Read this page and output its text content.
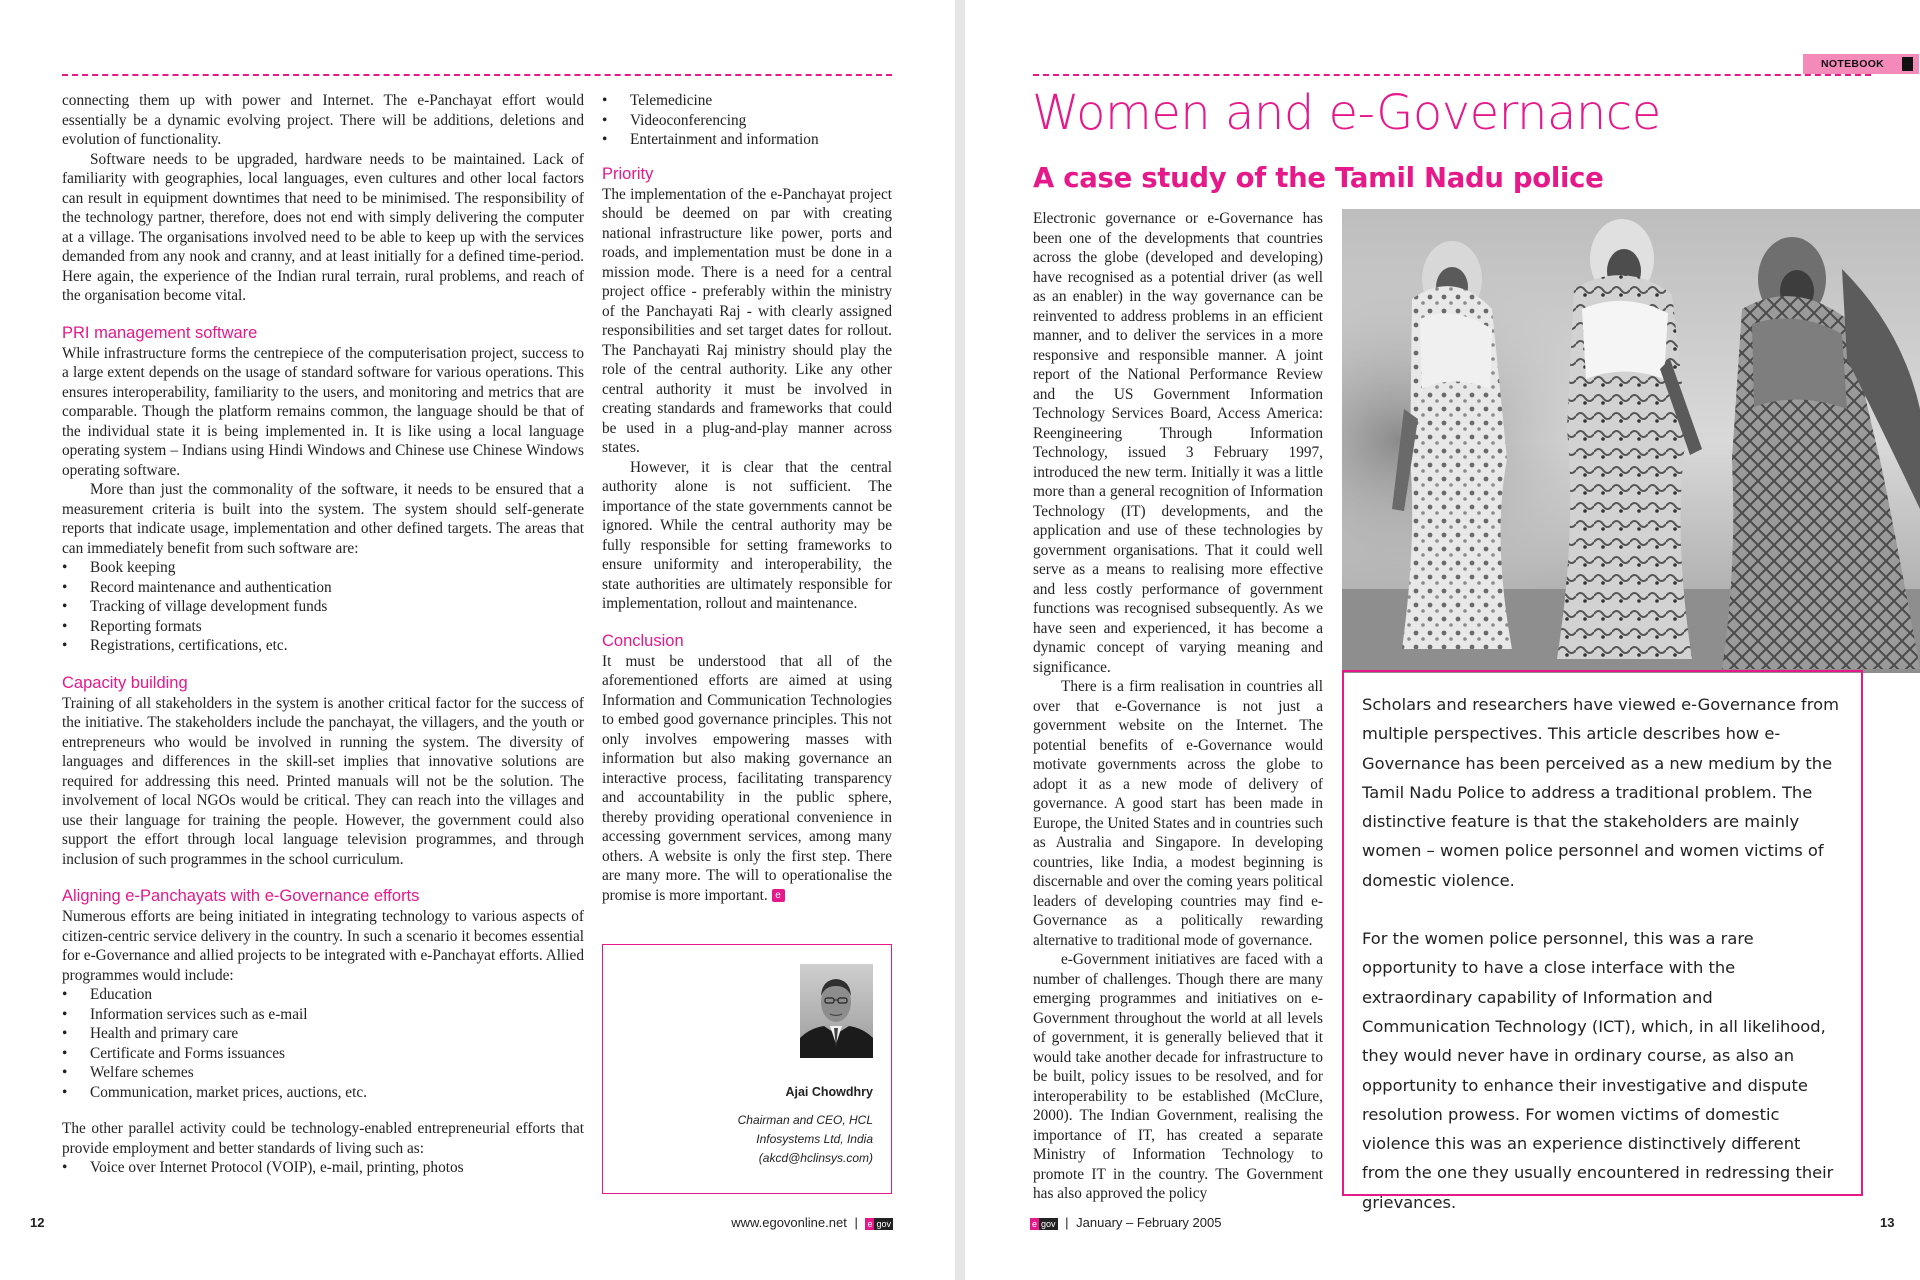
connecting them up with power and Internet. The e-Panchayat effort would essentially be a dynamic evolving project. There will be additions, deletions and evolution of functionality.

Software needs to be upgraded, hardware needs to be maintained. Lack of familiarity with geographies, local languages, even cultures and other local factors can result in equipment downtimes that need to be minimised. The responsibility of the technology partner, therefore, does not end with simply delivering the computer at a village. The organisations involved need to be able to keep up with the services demanded from any nook and cranny, and at least initially for a defined time-period. Here again, the experience of the Indian rural terrain, rural problems, and reach of the organisation become vital.

PRI management software

While infrastructure forms the centrepiece of the computerisation project, success to a large extent depends on the usage of standard software for various operations. This ensures interoperability, familiarity to the users, and monitoring and metrics that are comparable. Though the platform remains common, the language should be that of the individual state it is being implemented in. It is like using a local language operating system – Indians using Hindi Windows and Chinese use Chinese Windows operating software.

More than just the commonality of the software, it needs to be ensured that a measurement criteria is built into the system. The system should self-generate reports that indicate usage, implementation and other defined targets. The areas that can immediately benefit from such software are:

• Book keeping
• Record maintenance and authentication
• Tracking of village development funds
• Reporting formats
• Registrations, certifications, etc.
Capacity building

Training of all stakeholders in the system is another critical factor for the success of the initiative. The stakeholders include the panchayat, the villagers, and the youth or entrepreneurs who would be involved in running the system. The diversity of languages and differences in the skill-set implies that innovative solutions are required for addressing this need. Printed manuals will not be the solution. The involvement of local NGOs would be critical. They can reach into the villages and use their language for training the people. However, the government could also support the effort through local language television programmes, and through inclusion of such programmes in the school curriculum.

Aligning e-Panchayats with e-Governance efforts

Numerous efforts are being initiated in integrating technology to various aspects of citizen-centric service delivery in the country. In such a scenario it becomes essential for e-Governance and allied projects to be integrated with e-Panchayat efforts. Allied programmes would include:

• Education
• Information services such as e-mail
• Health and primary care
• Certificate and Forms issuances
• Welfare schemes
• Communication, market prices, auctions, etc.

The other parallel activity could be technology-enabled entrepreneurial efforts that provide employment and better standards of living such as:

• Voice over Internet Protocol (VOIP), e-mail, printing, photos
• Telemedicine
• Videoconferencing
• Entertainment and information
Priority

The implementation of the e-Panchayat project should be deemed on par with creating national infrastructure like power, ports and roads, and implementation must be done in a mission mode. There is a need for a central project office - preferably within the ministry of the Panchayati Raj - with clearly assigned responsibilities and set target dates for rollout. The Panchayati Raj ministry should play the role of the central authority. Like any other central authority it must be involved in creating standards and frameworks that could be used in a plug-and-play manner across states.

However, it is clear that the central authority alone is not sufficient. The importance of the state governments cannot be ignored. While the central authority may be fully responsible for setting frameworks to ensure uniformity and interoperability, the state authorities are ultimately responsible for implementation, rollout and maintenance.

Conclusion

It must be understood that all of the aforementioned efforts are aimed at using Information and Communication Technologies to embed good governance principles. This not only involves empowering masses with information but also making governance an interactive process, facilitating transparency and accountability in the public sphere, thereby providing operational convenience in accessing government services, among many others. A website is only the first step. There are many more. The will to operationalise the promise is more important. e

Ajai Chowdhry
Chairman and CEO, HCL
Infosystems Ltd, India
(akcd@hclinsys.com)
12	www.egovonline.net | e gov
NOTEBOOK
Women and e-Governance
A case study of the Tamil Nadu police

Electronic governance or e-Governance has been one of the developments that countries across the globe (developed and developing) have recognised as a potential driver (as well as an enabler) in the way governance can be reinvented to address problems in an efficient manner, and to deliver the services in a more responsive and responsible manner. A joint report of the National Performance Review and the US Government Information Technology Services Board, Access America: Reengineering Through Information Technology, issued 3 February 1997, introduced the new term. Initially it was a little more than a general recognition of Information Technology (IT) developments, and the application and use of these technologies by government organisations. That it could well serve as a means to realising more effective and less costly performance of government functions was recognised subsequently. As we have seen and experienced, it has become a dynamic concept of varying meaning and significance.

There is a firm realisation in countries all over that e-Governance is not just a government website on the Internet. The potential benefits of e-Governance would motivate governments across the globe to adopt it as a new mode of delivery of governance. A good start has been made in Europe, the United States and in countries such as Australia and Singapore. In developing countries, like India, a modest beginning is discernable and over the coming years political leaders of developing countries may find e-Governance as a politically rewarding alternative to traditional mode of governance.

e-Government initiatives are faced with a number of challenges. Though there are many emerging programmes and initiatives on e-Government throughout the world at all levels of government, it is generally believed that it would take another decade for infrastructure to be built, policy issues to be resolved, and for interoperability to be established (McClure, 2000). The Indian Government, realising the importance of IT, has created a separate Ministry of Information Technology to promote IT in the country. The Government has also approved the policy

Scholars and researchers have viewed e-Governance from multiple perspectives. This article describes how e-Governance has been perceived as a new medium by the Tamil Nadu Police to address a traditional problem. The distinctive feature is that the stakeholders are mainly women – women police personnel and women victims of domestic violence.

For the women police personnel, this was a rare opportunity to have a close interface with the extraordinary capability of Information and Communication Technology (ICT), which, in all likelihood, they would never have in ordinary course, as also an opportunity to enhance their investigative and dispute resolution prowess. For women victims of domestic violence this was an experience distinctively different from the one they usually encountered in redressing their grievances.

e gov | January – February 2005	13
